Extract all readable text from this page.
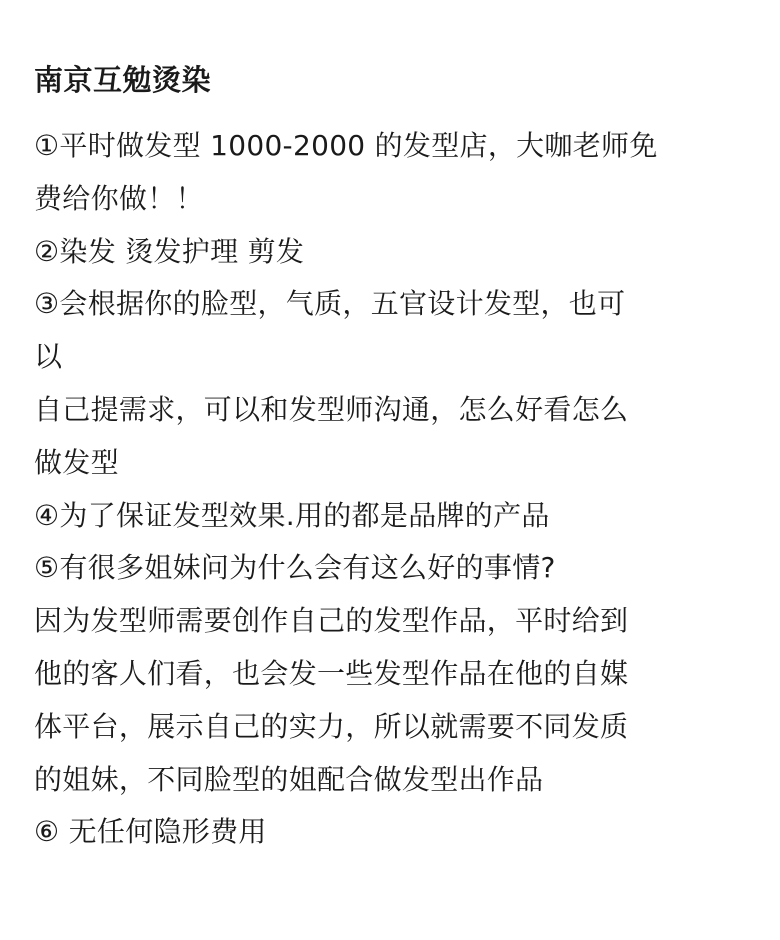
南京互勉烫染
①平时做发型 1000-2000 的发型店，大咖老师免
费给你做！！
②染发 烫发护理 剪发
③会根据你的脸型，气质，五官设计发型，也可
以
自己提需求，可以和发型师沟通，怎么好看怎么
做发型
④为了保证发型效果.用的都是品牌的产品
⑤有很多姐妹问为什么会有这么好的事情?
因为发型师需要创作自己的发型作品，平时给到
他的客人们看，也会发一些发型作品在他的自媒
体平台，展示自己的实力，所以就需要不同发质
的姐妹，不同脸型的姐配合做发型出作品
⑥ 无任何隐形费用
